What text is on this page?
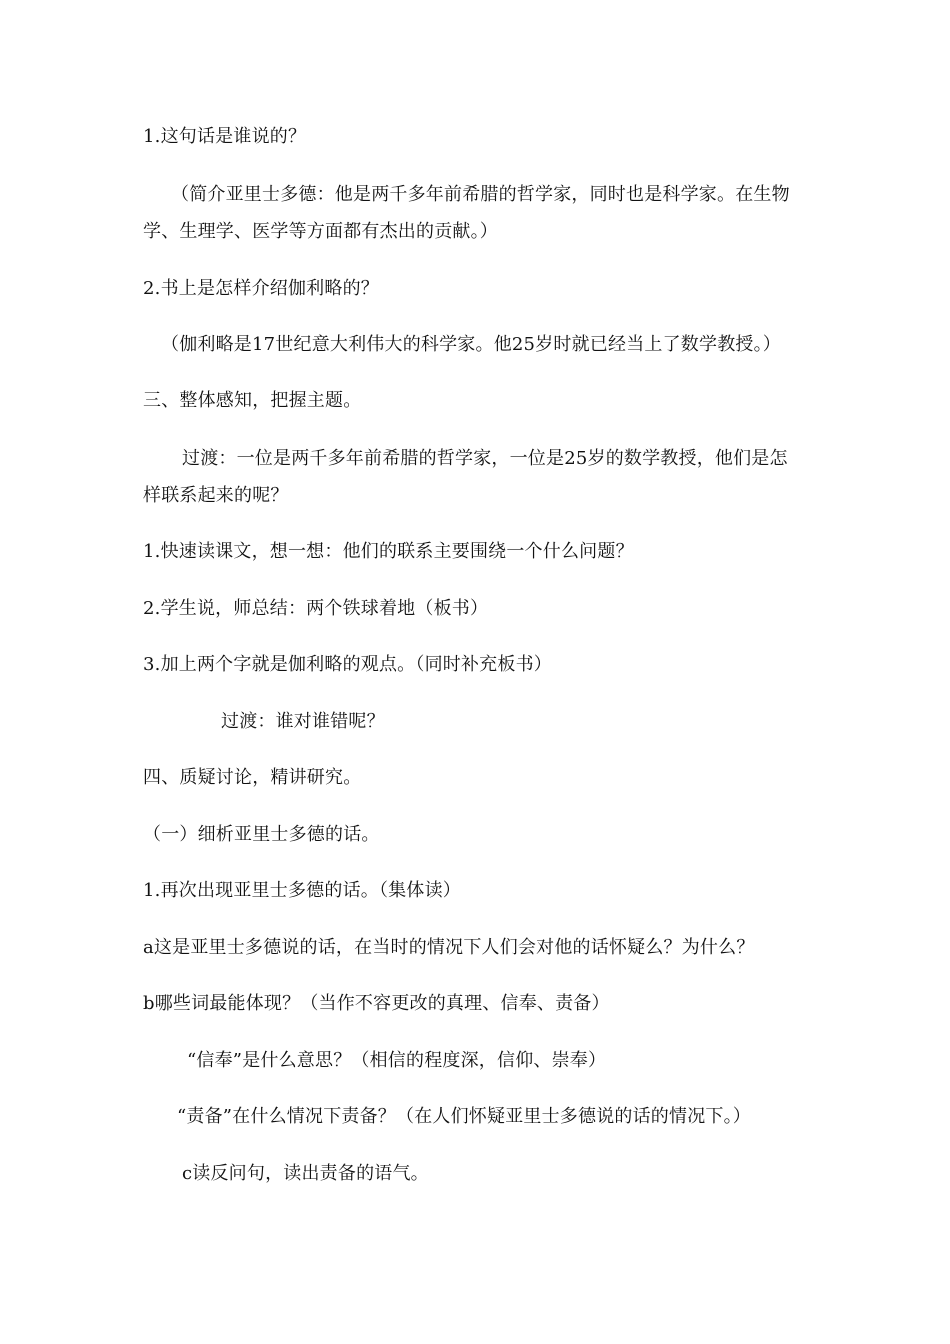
1.这句话是谁说的？
（简介亚里士多德：他是两千多年前希腊的哲学家，同时也是科学家。在生物
学、生理学、医学等方面都有杰出的贡献。）
2.书上是怎样介绍伽利略的？
（伽利略是17世纪意大利伟大的科学家。他25岁时就已经当上了数学教授。）
三、整体感知，把握主题。
过渡：一位是两千多年前希腊的哲学家，一位是25岁的数学教授，他们是怎
样联系起来的呢？
1.快速读课文，想一想：他们的联系主要围绕一个什么问题？
2.学生说，师总结：两个铁球着地（板书）
3.加上两个字就是伽利略的观点。（同时补充板书）
过渡：谁对谁错呢？
四、质疑讨论，精讲研究。
（一）细析亚里士多德的话。
1.再次出现亚里士多德的话。（集体读）
a这是亚里士多德说的话，在当时的情况下人们会对他的话怀疑么？为什么？
b哪些词最能体现？（当作不容更改的真理、信奉、责备）
“信奉”是什么意思？（相信的程度深，信仰、崇奉）
“责备”在什么情况下责备？（在人们怀疑亚里士多德说的话的情况下。）
c读反问句，读出责备的语气。
